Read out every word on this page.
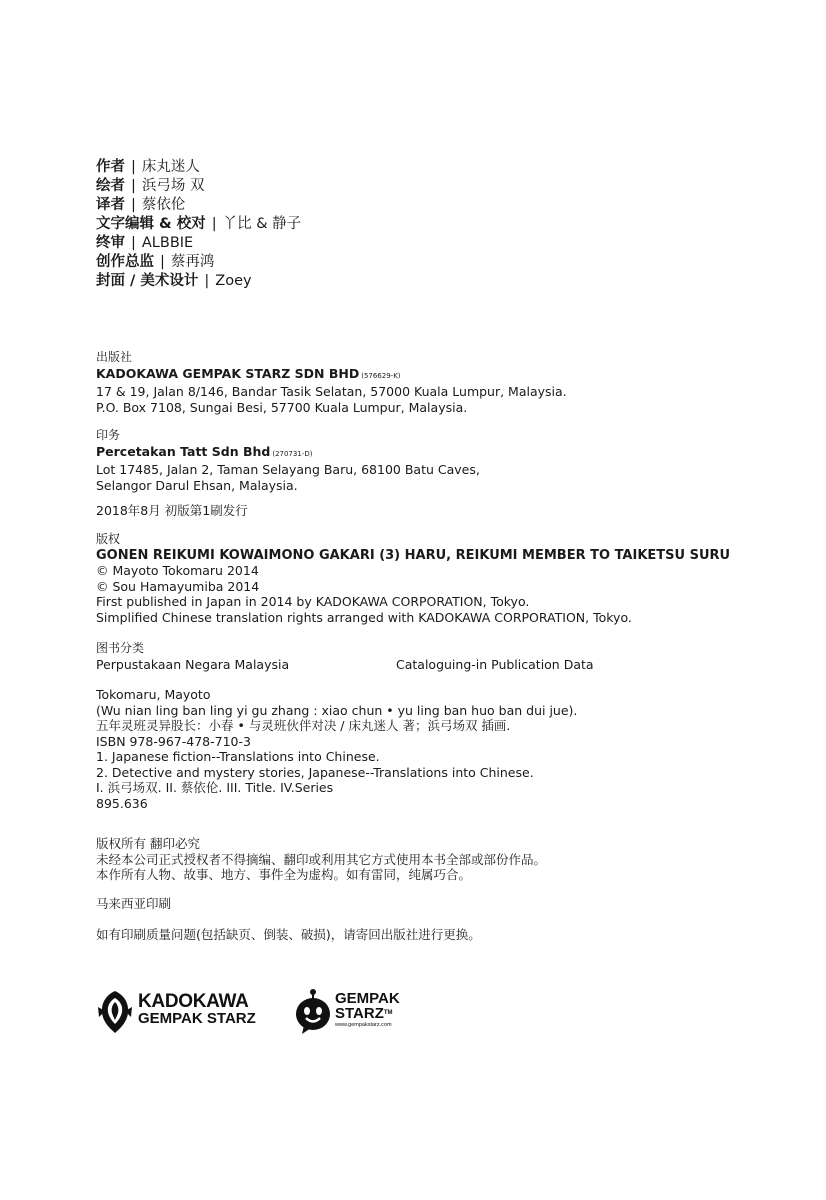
作者 | 床丸迷人
绘者 | 浜弓场 双
译者 | 蔡依伦
文字编辑 & 校对 | 丫比 & 静子
终审 | ALBBIE
创作总监 | 蔡再鸿
封面 / 美术设计 | Zoey
出版社
KADOKAWA GEMPAK STARZ SDN BHD (576629-K)
17 & 19, Jalan 8/146, Bandar Tasik Selatan, 57000 Kuala Lumpur, Malaysia.
P.O. Box 7108, Sungai Besi, 57700 Kuala Lumpur, Malaysia.
印务
Percetakan Tatt Sdn Bhd (270731-D)
Lot 17485, Jalan 2, Taman Selayang Baru, 68100 Batu Caves,
Selangor Darul Ehsan, Malaysia.
2018年8月 初版第1刷发行
版权
GONEN REIKUMI KOWAIMONO GAKARI (3) HARU, REIKUMI MEMBER TO TAIKETSU SURU
© Mayoto Tokomaru 2014
© Sou Hamayumiba 2014
First published in Japan in 2014 by KADOKAWA CORPORATION, Tokyo.
Simplified Chinese translation rights arranged with KADOKAWA CORPORATION, Tokyo.
图书分类
Perpustakaan Negara Malaysia	Cataloguing-in Publication Data
Tokomaru, Mayoto
(Wu nian ling ban ling yi gu zhang : xiao chun • yu ling ban huo ban dui jue).
五年灵班灵异股长：小春 • 与灵班伙伴对决 / 床丸迷人 著；浜弓场双 插画.
ISBN 978-967-478-710-3
1. Japanese fiction--Translations into Chinese.
2. Detective and mystery stories, Japanese--Translations into Chinese.
I. 浜弓场双. II. 蔡依伦. III. Title. IV.Series
895.636
版权所有 翻印必究
未经本公司正式授权者不得摘编、翻印或利用其它方式使用本书全部或部份作品。
本作所有人物、故事、地方、事件全为虚构。如有雷同，纯属巧合。
马来西亚印刷
如有印刷质量问题(包括缺页、倒装、破损)，请寄回出版社进行更换。
KADOKAWA
GEMPAK STARZ
GEMPAK
STARZ™
www.gempakstarz.com
